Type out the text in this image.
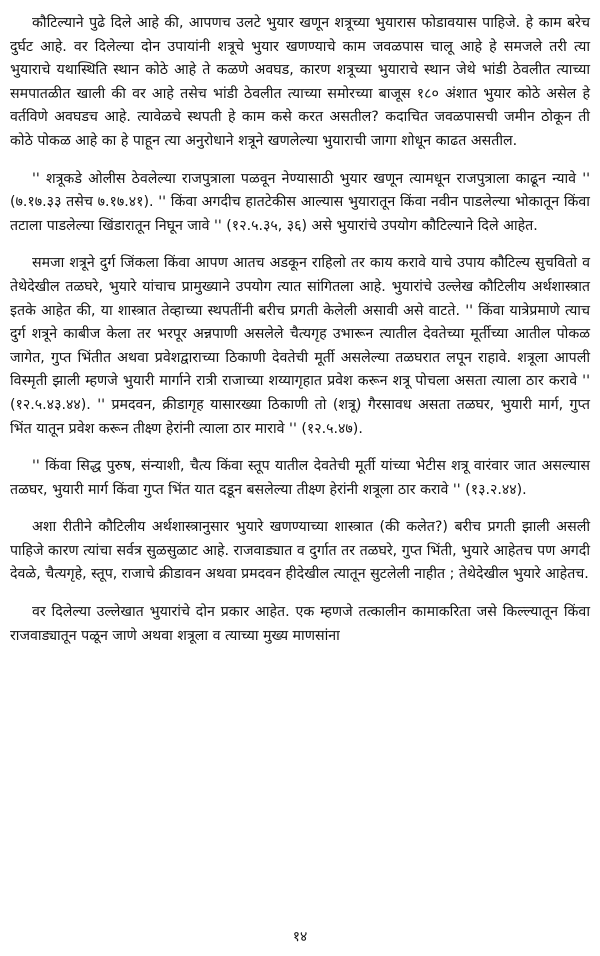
कौटिल्याने पुढे दिले आहे की, आपणच उलटे भुयार खणून शत्रूच्या भुयारास फोडावयास पाहिजे. हे काम बरेच दुर्घट आहे. वर दिलेल्या दोन उपायांनी शत्रूचे भुयार खणण्याचे काम जवळपास चालू आहे हे समजले तरी त्या भुयाराचे यथास्थिति स्थान कोठे आहे ते कळणे अवघड, कारण शत्रूच्या भुयाराचे स्थान जेथे भांडी ठेवलीत त्याच्या समपातळीत खाली की वर आहे तसेच भांडी ठेवलीत त्याच्या समोरच्या बाजूस १८० अंशात भुयार कोठे असेल हे वर्तविणे अवघडच आहे. त्यावेळचे स्थपती हे काम कसे करत असतील? कदाचित जवळपासची जमीन ठोकून ती कोठे पोकळ आहे का हे पाहून त्या अनुरोधाने शत्रूने खणलेल्या भुयाराची जागा शोधून काढत असतील.

'' शत्रूकडे ओलीस ठेवलेल्या राजपुत्राला पळवून नेण्यासाठी भुयार खणून त्यामधून राजपुत्राला काढून न्यावे '' (७.१७.३३ तसेच ७.१७.४१). '' किंवा अगदीच हातटेकीस आल्यास भुयारातून किंवा नवीन पाडलेल्या भोकातून किंवा तटाला पाडलेल्या खिंडारातून निघून जावे '' (१२.५.३५, ३६) असे भुयारांचे उपयोग कौटिल्याने दिले आहेत.

समजा शत्रूने दुर्ग जिंकला किंवा आपण आतच अडकून राहिलो तर काय करावे याचे उपाय कौटिल्य सुचवितो व तेथेदेखील तळघरे, भुयारे यांचाच प्रामुख्याने उपयोग त्यात सांगितला आहे. भुयारांचे उल्लेख कौटिलीय अर्थशास्त्रात इतके आहेत की, या शास्त्रात तेव्हाच्या स्थपतींनी बरीच प्रगती केलेली असावी असे वाटते. '' किंवा यात्रेप्रमाणे त्याच दुर्ग शत्रूने काबीज केला तर भरपूर अन्नपाणी असलेले चैत्यगृह उभारून त्यातील देवतेच्या मूर्तीच्या आतील पोकळ जागेत, गुप्त भिंतीत अथवा प्रवेशद्वाराच्या ठिकाणी देवतेची मूर्ती असलेल्या तळघरात लपून राहावे. शत्रूला आपली विस्मृती झाली म्हणजे भुयारी मार्गाने रात्री राजाच्या शय्यागृहात प्रवेश करून शत्रू पोचला असता त्याला ठार करावे '' (१२.५.४३.४४). '' प्रमदवन, क्रीडागृह यासारख्या ठिकाणी तो (शत्रू) गैरसावध असता तळघर, भुयारी मार्ग, गुप्त भिंत यातून प्रवेश करून तीक्ष्ण हेरांनी त्याला ठार मारावे '' (१२.५.४७).

'' किंवा सिद्ध पुरुष, संन्याशी, चैत्य किंवा स्तूप यातील देवतेची मूर्ती यांच्या भेटीस शत्रू वारंवार जात असल्यास तळघर, भुयारी मार्ग किंवा गुप्त भिंत यात दडून बसलेल्या तीक्ष्ण हेरांनी शत्रूला ठार करावे '' (१३.२.४४).

अशा रीतीने कौटिलीय अर्थशास्त्रानुसार भुयारे खणण्याच्या शास्त्रात (की कलेत?) बरीच प्रगती झाली असली पाहिजे कारण त्यांचा सर्वत्र सुळसुळाट आहे. राजवाड्यात व दुर्गात तर तळघरे, गुप्त भिंती, भुयारे आहेतच पण अगदी देवळे, चैत्यगृहे, स्तूप, राजाचे क्रीडावन अथवा प्रमदवन हीदेखील त्यातून सुटलेली नाहीत ; तेथेदेखील भुयारे आहेतच.

वर दिलेल्या उल्लेखात भुयारांचे दोन प्रकार आहेत. एक म्हणजे तत्कालीन कामाकरिता जसे किल्ल्यातून किंवा राजवाड्यातून पळून जाणे अथवा शत्रूला व त्याच्या मुख्य माणसांना

१४
